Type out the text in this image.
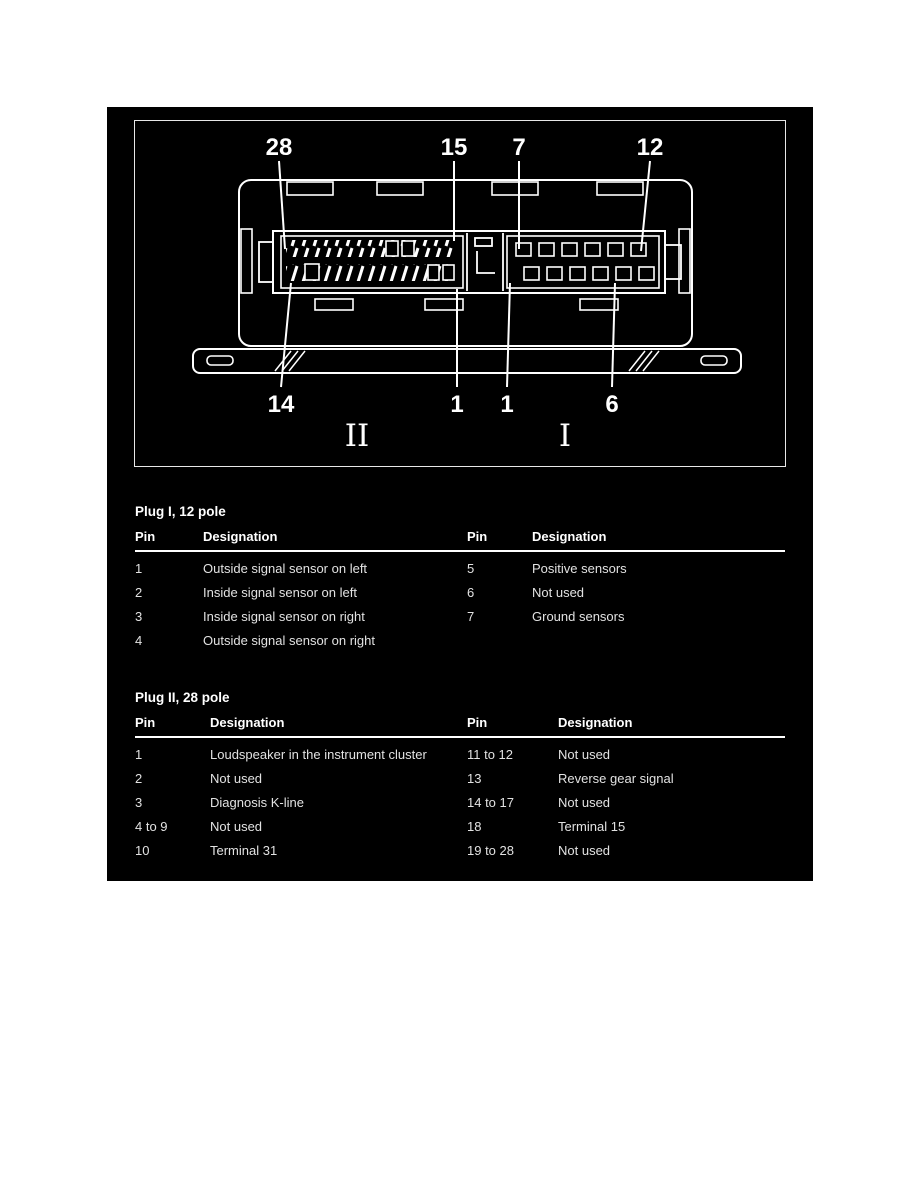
28	15 7	12
14	1 1	6
II	I
Plug I, 12 pole
Pin	Designation	Pin	Designation
1	Outside signal sensor on left	5	Positive sensors
2	Inside signal sensor on left	6	Not used
3	Inside signal sensor on right	7	Ground sensors
4	Outside signal sensor on right
Plug II, 28 pole
Pin	Designation	Pin	Designation
1	Loudspeaker in the instrument cluster	11 to 12	Not used
2	Not used	13	Reverse gear signal
3	Diagnosis K-line	14 to 17	Not used
4 to 9	Not used	18	Terminal 15
10	Terminal 31	19 to 28	Not used
